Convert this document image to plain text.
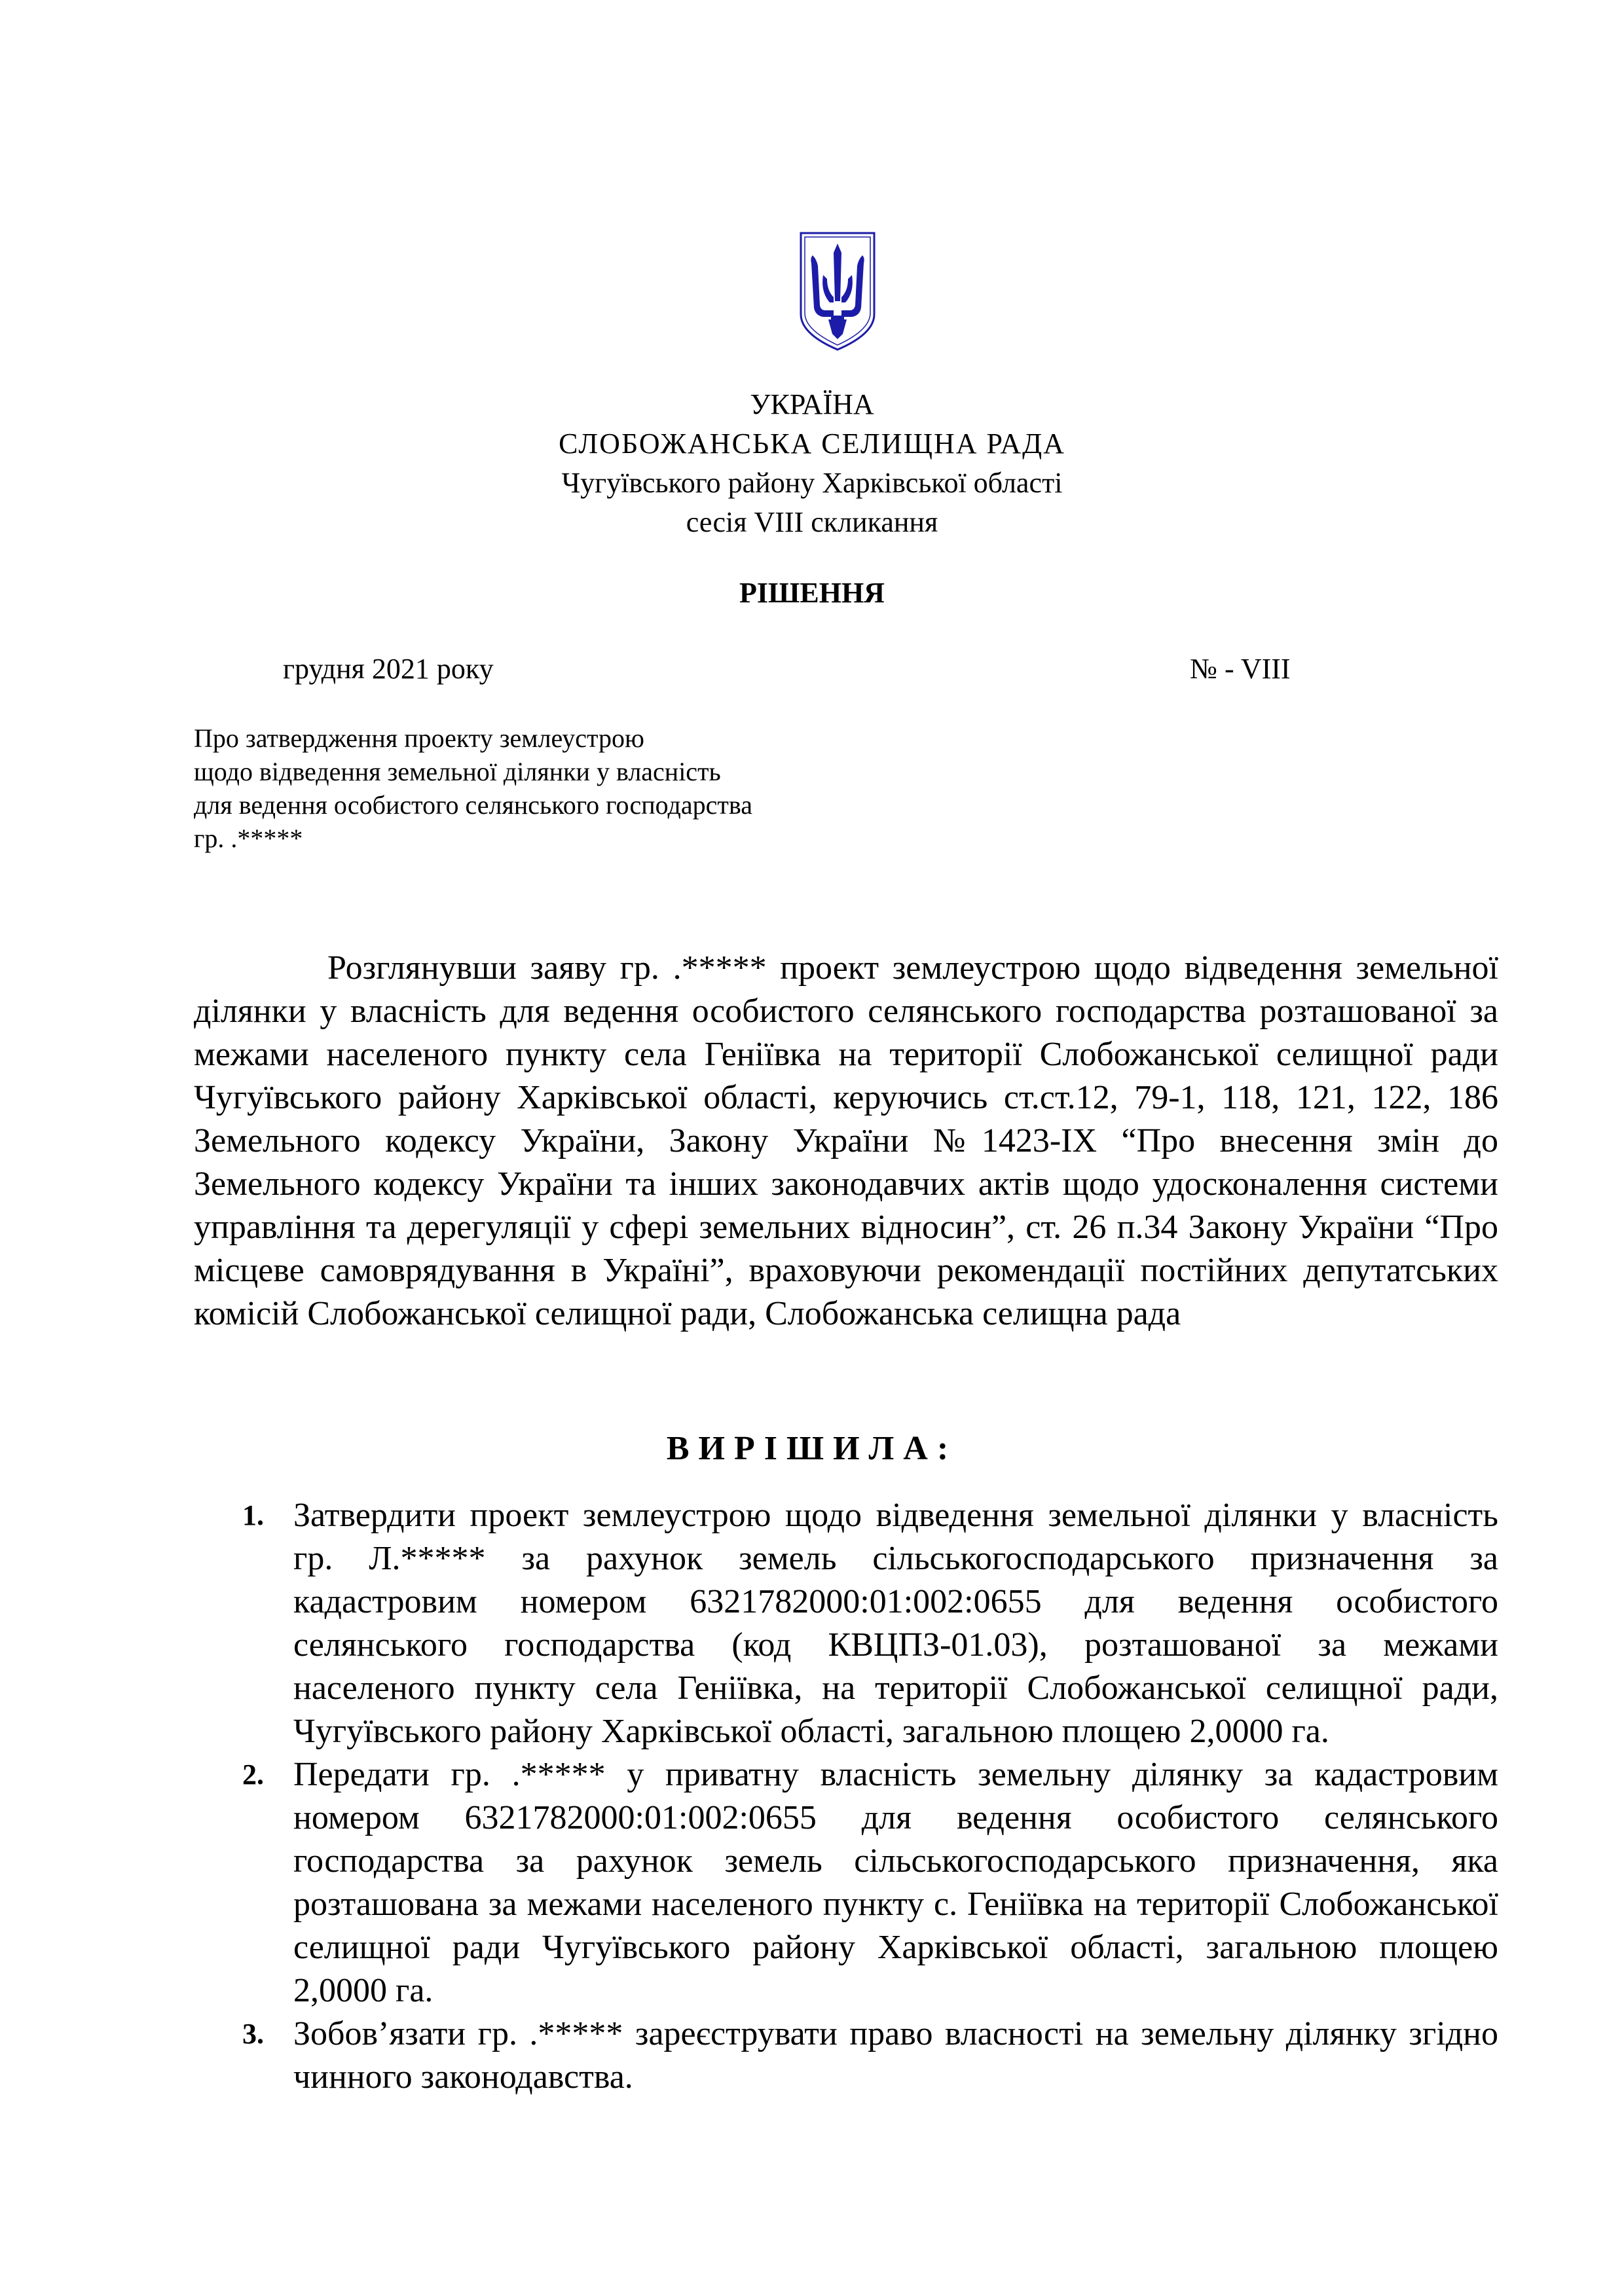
УКРАЇНА
СЛОБОЖАНСЬКА СЕЛИЩНА РАДА
Чугуївського району Харківської області
сесія VIII скликання
РІШЕННЯ
грудня 2021 року	№ - VIII
Про затвердження проекту землеустрою
щодо відведення земельної ділянки у власність
для ведення особистого селянського господарства
гр. .*****

Розглянувши заяву гр. .***** проект землеустрою щодо відведення земельної ділянки у власність для ведення особистого селянського господарства розташованої за межами населеного пункту села Геніївка на території Слобожанської селищної ради Чугуївського району Харківської області, керуючись ст.ст.12, 79-1, 118, 121, 122, 186 Земельного кодексу України, Закону України №1423-ІХ “Про внесення змін до Земельного кодексу України та інших законодавчих актів щодо удосконалення системи управління та дерегуляції у сфері земельних відносин”, ст. 26 п.34 Закону України “Про місцеве самоврядування в Україні”, враховуючи рекомендації постійних депутатських комісій Слобожанської селищної ради, Слобожанська селищна рада

ВИРІШИЛА:
1. Затвердити проект землеустрою щодо відведення земельної ділянки у власність гр. Л.***** за рахунок земель сільськогосподарського призначення за кадастровим номером 6321782000:01:002:0655 для ведення особистого селянського господарства (код КВЦПЗ-01.03), розташованої за межами населеного пункту села Геніївка, на території Слобожанської селищної ради, Чугуївського району Харківської області, загальною площею 2,0000 га.
2. Передати гр. .***** у приватну власність земельну ділянку за кадастровим номером 6321782000:01:002:0655 для ведення особистого селянського господарства за рахунок земель сільськогосподарського призначення, яка розташована за межами населеного пункту с. Геніївка на території Слобожанської селищної ради Чугуївського району Харківської області, загальною площею 2,0000 га.
3. Зобов’язати гр. .***** зареєструвати право власності на земельну ділянку згідно чинного законодавства.
